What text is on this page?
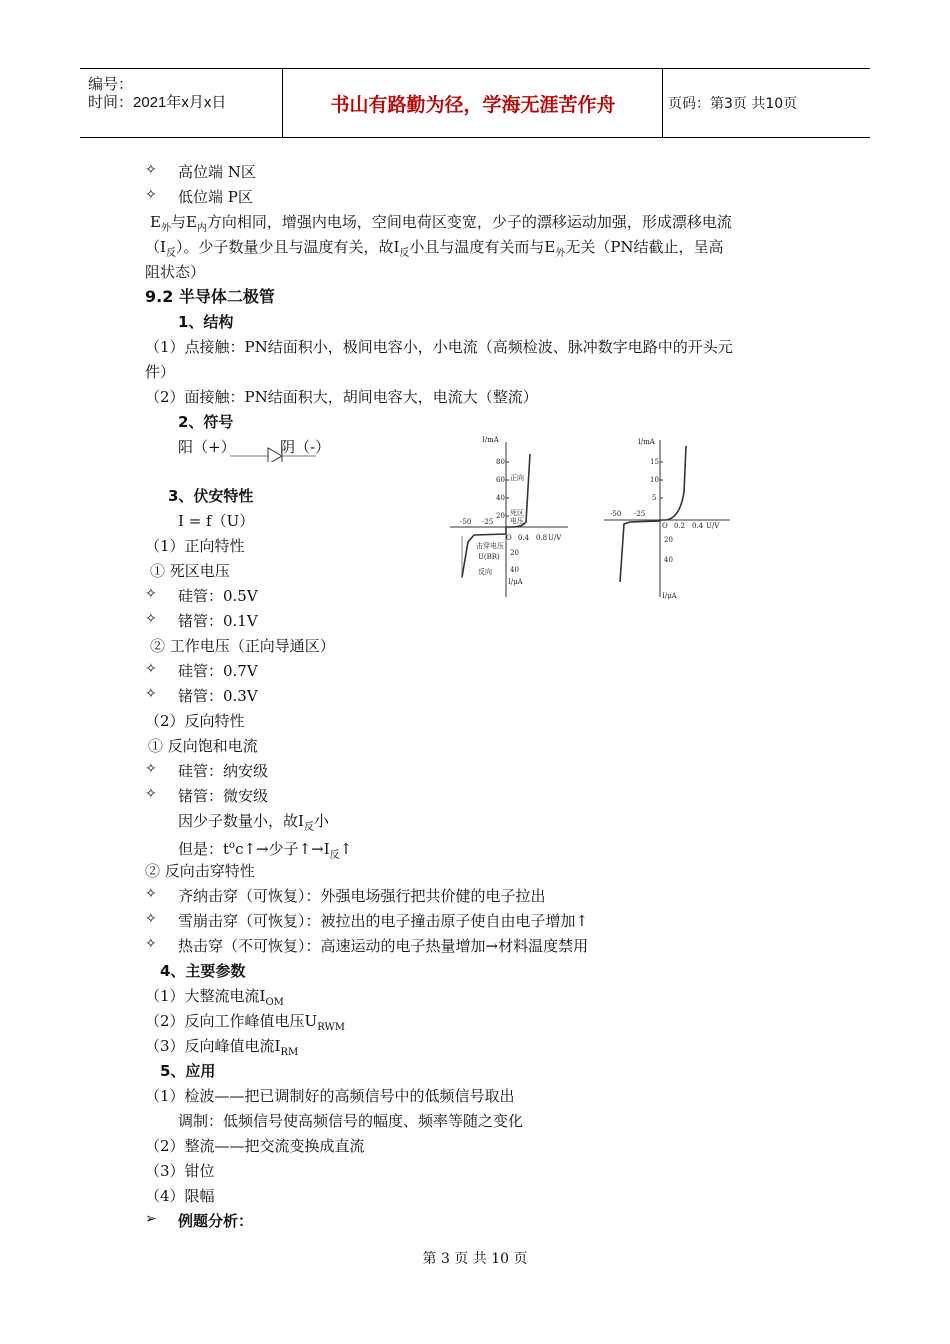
编号：
时间：2021年x月x日	书山有路勤为径，学海无涯苦作舟	页码：第3页 共10页
✧	高位端 N区
✧	低位端 P区
$E_外$与$E_内$方向相同，增强内电场，空间电荷区变宽，少子的漂移运动加强，形成漂移电流
$(I_反)$。少子数量少且与温度有关，故$I_反$小且与温度有关而与$E_外$无关（PN结截止，呈高
阻状态）
9.2 半导体二极管
1、结构
（1）点接触：PN结面积小，极间电容小，小电流（高频检波、脉冲数字电路中的开头元
件）
（2）面接触：PN结面积大，胡间电容大，电流大（整流）
2、符号
阳（+）	阴（-）
3、伏安特性
I = f（U）
（1）正向特性
① 死区电压
✧	硅管：0.5V
✧	锗管：0.1V
② 工作电压（正向导通区）
✧	硅管：0.7V
✧	锗管：0.3V
（2）反向特性
① 反向饱和电流
✧	硅管：纳安级
✧	锗管：微安级
因少子数量小，故$I_反$小
但是：$t^oc↑\to$少子$↑\to I_反↑$
② 反向击穿特性
✧	齐纳击穿（可恢复）：外强电场强行把共价健的电子拉出
✧	雪崩击穿（可恢复）：被拉出的电子撞击原子使自由电子增加↑
✧	热击穿（不可恢复）：高速运动的电子热量增加→材料温度禁用
4、主要参数
（1）大整流电流$I_{OM}$
（2）反向工作峰值电压$U_{RWM}$
（3）反向峰值电流$I_{RM}$
5、应用
（1）检波——把已调制好的高频信号中的低频信号取出
调制：低频信号使高频信号的幅度、频率等随之变化
（2）整流——把交流变换成直流
（3）钳位
（4）限幅
➢	例题分析：
I/mA
80
60
40
20
正向
死区
电压
-50 -25
O 0.4 0.8 U/V
击穿电压
U(BR) 20
40
反向
I/μA
I/mA
15
10
5
-50 -25
O 0.2 0.4 U/V
20
40
I/μA
第 3 页 共 10 页
